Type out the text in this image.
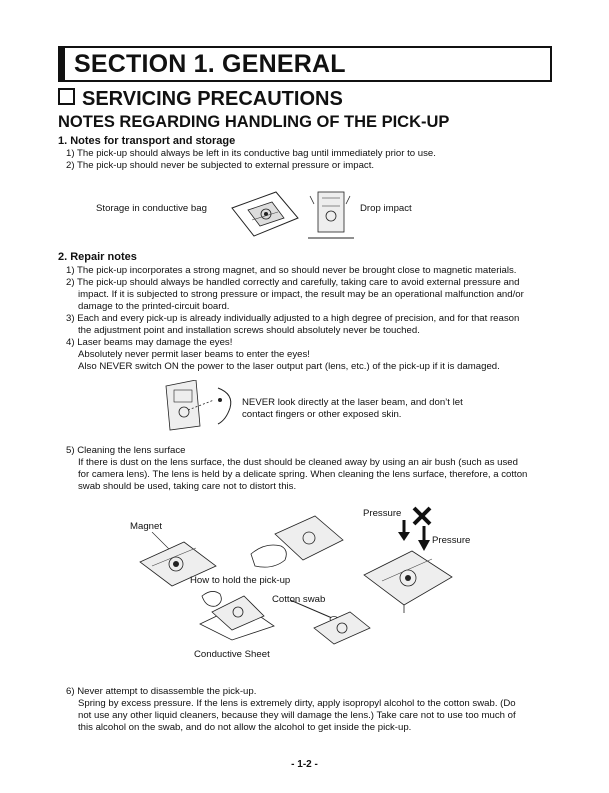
SECTION 1. GENERAL
SERVICING PRECAUTIONS
NOTES REGARDING HANDLING OF THE PICK-UP
1. Notes for transport and storage
1) The pick-up should always be left in its conductive bag until immediately prior to use.
2) The pick-up should never be subjected to external pressure or impact.
Storage in conductive bag	Drop impact
2. Repair notes
1) The pick-up incorporates a strong magnet, and so should never be brought close to magnetic materials.
2) The pick-up should always be handled correctly and carefully, taking care to avoid external pressure and
impact. If it is subjected to strong pressure or impact, the result may be an operational malfunction and/or
damage to the printed-circuit board.
3) Each and every pick-up is already individually adjusted to a high degree of precision, and for that reason
the adjustment point and installation screws should absolutely never be touched.
4) Laser beams may damage the eyes!
Absolutely never permit laser beams to enter the eyes!
Also NEVER switch ON the power to the laser output part (lens, etc.) of the pick-up if it is damaged.
NEVER look directly at the laser beam, and don’t let
contact fingers or other exposed skin.
5) Cleaning the lens surface
If there is dust on the lens surface, the dust should be cleaned away by using an air bush (such as used
for camera lens). The lens is held by a delicate spring. When cleaning the lens surface, therefore, a cotton
swab should be used, taking care not to distort this.
Magnet
Pressure
Pressure
How to hold the pick-up
Cotton swab
Conductive Sheet
6) Never attempt to disassemble the pick-up.
Spring by excess pressure. If the lens is extremely dirty, apply isopropyl alcohol to the cotton swab. (Do
not use any other liquid cleaners, because they will damage the lens.) Take care not to use too much of
this alcohol on the swab, and do not allow the alcohol to get inside the pick-up.
- 1-2 -
